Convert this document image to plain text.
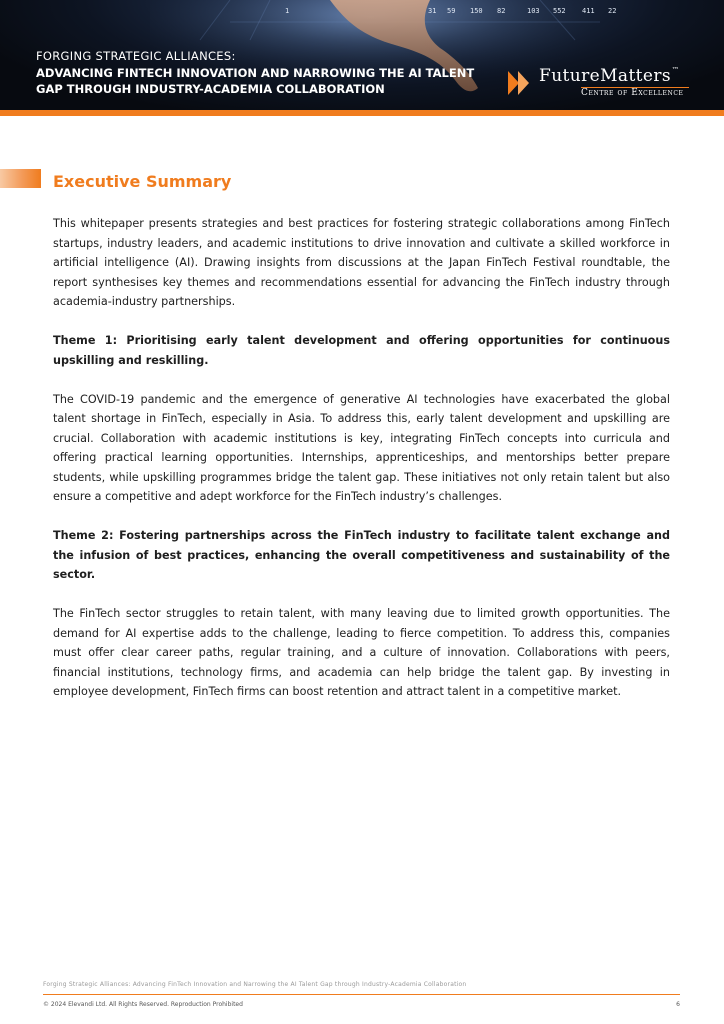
1	31 59 150 82	103 552 411 22
FORGING STRATEGIC ALLIANCES:
ADVANCING FINTECH INNOVATION AND NARROWING THE AI TALENT GAP THROUGH INDUSTRY-ACADEMIA COLLABORATION
FutureMatters™
Centre of Excellence
Executive Summary

This whitepaper presents strategies and best practices for fostering strategic collaborations among FinTech startups, industry leaders, and academic institutions to drive innovation and cultivate a skilled workforce in artificial intelligence (AI). Drawing insights from discussions at the Japan FinTech Festival roundtable, the report synthesises key themes and recommendations essential for advancing the FinTech industry through academia-industry partnerships.

Theme 1: Prioritising early talent development and offering opportunities for continuous upskilling and reskilling.

The COVID-19 pandemic and the emergence of generative AI technologies have exacerbated the global talent shortage in FinTech, especially in Asia. To address this, early talent development and upskilling are crucial. Collaboration with academic institutions is key, integrating FinTech concepts into curricula and offering practical learning opportunities. Internships, apprenticeships, and mentorships better prepare students, while upskilling programmes bridge the talent gap. These initiatives not only retain talent but also ensure a competitive and adept workforce for the FinTech industry’s challenges.

Theme 2: Fostering partnerships across the FinTech industry to facilitate talent exchange and the infusion of best practices, enhancing the overall competitiveness and sustainability of the sector.

The FinTech sector struggles to retain talent, with many leaving due to limited growth opportunities. The demand for AI expertise adds to the challenge, leading to fierce competition. To address this, companies must offer clear career paths, regular training, and a culture of innovation. Collaborations with peers, financial institutions, technology firms, and academia can help bridge the talent gap. By investing in employee development, FinTech firms can boost retention and attract talent in a competitive market.

Forging Strategic Alliances: Advancing FinTech Innovation and Narrowing the AI Talent Gap through Industry-Academia Collaboration
© 2024 Elevandi Ltd. All Rights Reserved. Reproduction Prohibited	6
